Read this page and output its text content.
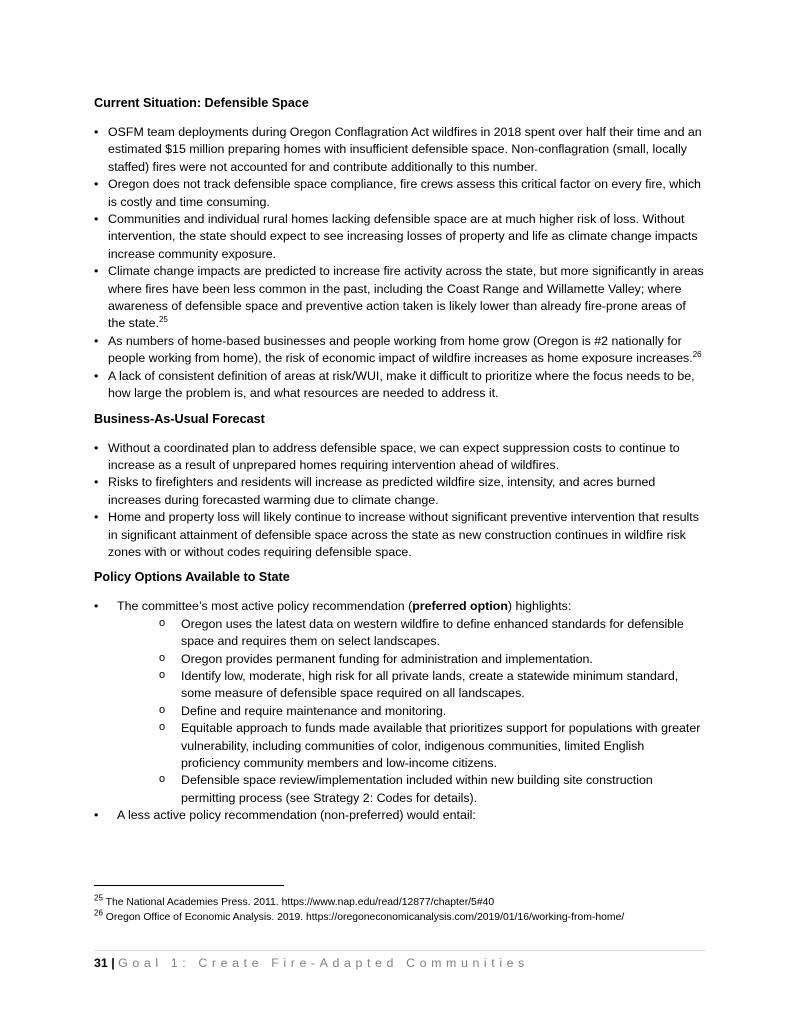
Current Situation: Defensible Space
• OSFM team deployments during Oregon Conflagration Act wildfires in 2018 spent over half their time and an estimated $15 million preparing homes with insufficient defensible space. Non-conflagration (small, locally staffed) fires were not accounted for and contribute additionally to this number.
• Oregon does not track defensible space compliance, fire crews assess this critical factor on every fire, which is costly and time consuming.
• Communities and individual rural homes lacking defensible space are at much higher risk of loss. Without intervention, the state should expect to see increasing losses of property and life as climate change impacts increase community exposure.
• Climate change impacts are predicted to increase fire activity across the state, but more significantly in areas where fires have been less common in the past, including the Coast Range and Willamette Valley; where awareness of defensible space and preventive action taken is likely lower than already fire-prone areas of the state.$^{25}$
• As numbers of home-based businesses and people working from home grow (Oregon is #2 nationally for people working from home), the risk of economic impact of wildfire increases as home exposure increases.$^{26}$
• A lack of consistent definition of areas at risk/WUI, make it difficult to prioritize where the focus needs to be, how large the problem is, and what resources are needed to address it.
Business-As-Usual Forecast
• Without a coordinated plan to address defensible space, we can expect suppression costs to continue to increase as a result of unprepared homes requiring intervention ahead of wildfires.
• Risks to firefighters and residents will increase as predicted wildfire size, intensity, and acres burned increases during forecasted warming due to climate change.
• Home and property loss will likely continue to increase without significant preventive intervention that results in significant attainment of defensible space across the state as new construction continues in wildfire risk zones with or without codes requiring defensible space.
Policy Options Available to State
• The committee’s most active policy recommendation (preferred option) highlights:
o Oregon uses the latest data on western wildfire to define enhanced standards for defensible space and requires them on select landscapes.
o Oregon provides permanent funding for administration and implementation.
o Identify low, moderate, high risk for all private lands, create a statewide minimum standard, some measure of defensible space required on all landscapes.
o Define and require maintenance and monitoring.
o Equitable approach to funds made available that prioritizes support for populations with greater vulnerability, including communities of color, indigenous communities, limited English proficiency community members and low-income citizens.
o Defensible space review/implementation included within new building site construction permitting process (see Strategy 2: Codes for details).
• A less active policy recommendation (non-preferred) would entail:

$^{25}$ The National Academies Press. 2011. https://www.nap.edu/read/12877/chapter/5#40

$^{26}$ Oregon Office of Economic Analysis. 2019. https://oregoneconomicanalysis.com/2019/01/16/working-from-home/

31 | Goal 1: Create Fire-Adapted Communities
